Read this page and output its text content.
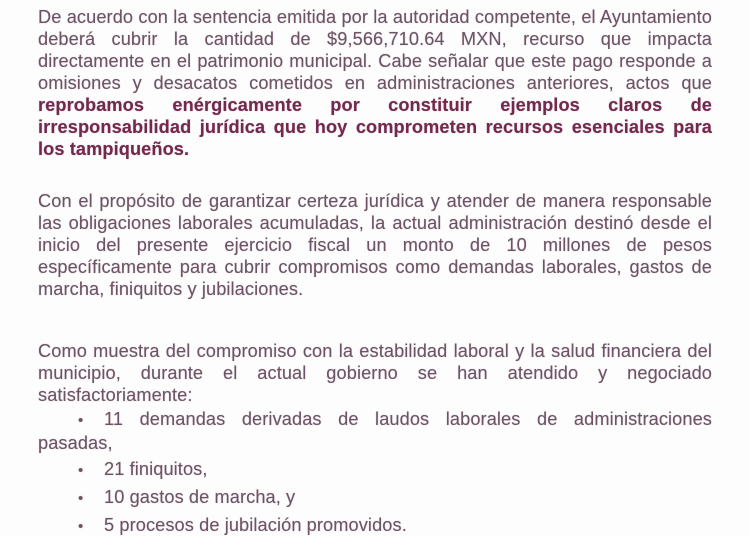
De acuerdo con la sentencia emitida por la autoridad competente, el Ayuntamiento deberá cubrir la cantidad de $9,566,710.64 MXN, recurso que impacta directamente en el patrimonio municipal. Cabe señalar que este pago responde a omisiones y desacatos cometidos en administraciones anteriores, actos que reprobamos enérgicamente por constituir ejemplos claros de irresponsabilidad jurídica que hoy comprometen recursos esenciales para los tampiqueños.

Con el propósito de garantizar certeza jurídica y atender de manera responsable las obligaciones laborales acumuladas, la actual administración destinó desde el inicio del presente ejercicio fiscal un monto de 10 millones de pesos específicamente para cubrir compromisos como demandas laborales, gastos de marcha, finiquitos y jubilaciones.

Como muestra del compromiso con la estabilidad laboral y la salud financiera del municipio, durante el actual gobierno se han atendido y negociado satisfactoriamente:

• 11 demandas derivadas de laudos laborales de administraciones pasadas,
• 21 finiquitos,
• 10 gastos de marcha, y
• 5 procesos de jubilación promovidos.
